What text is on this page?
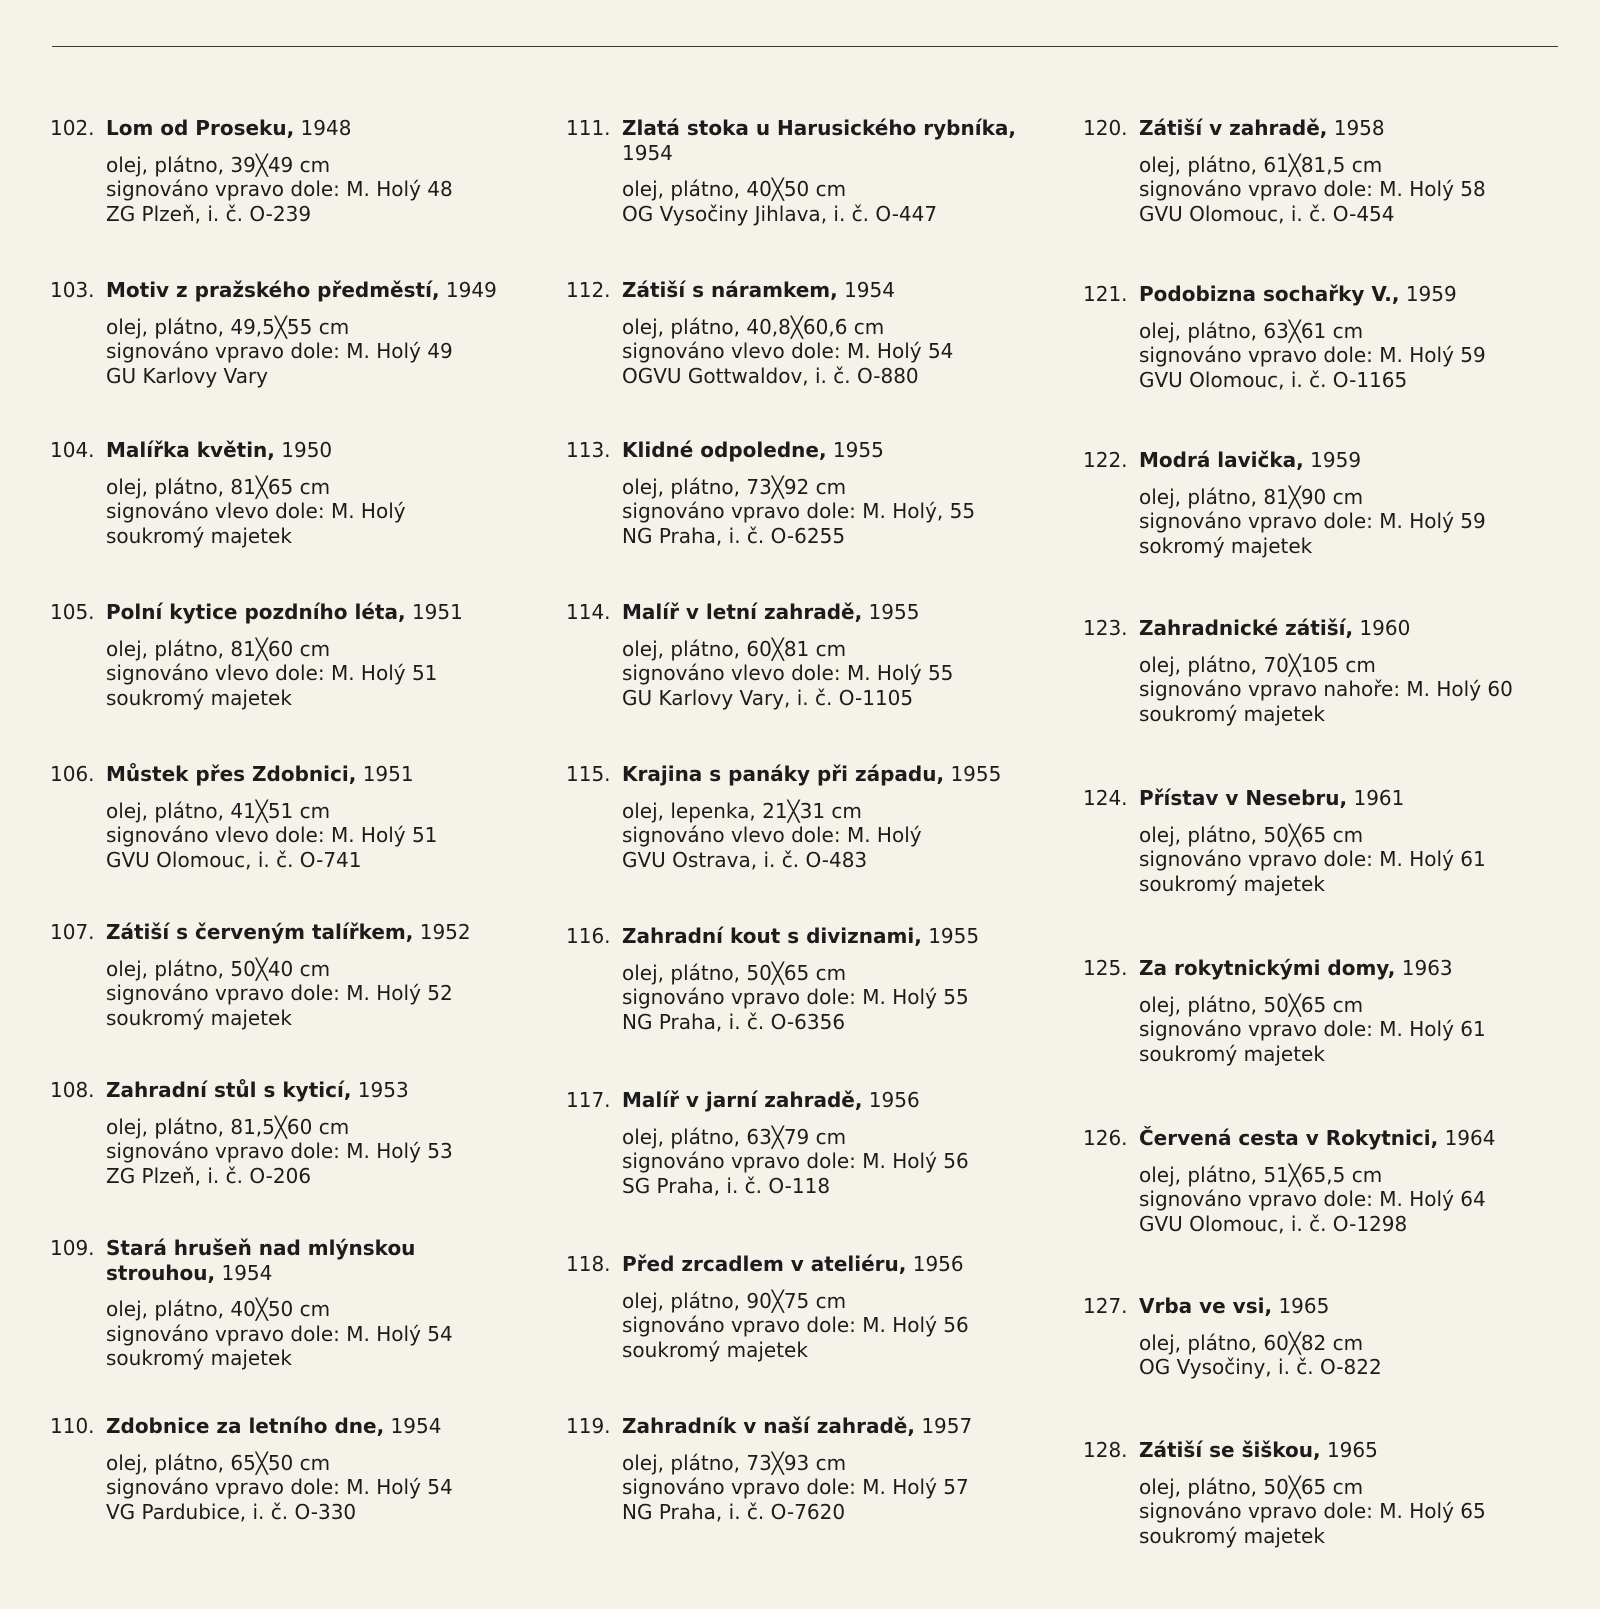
102. Lom od Proseku, 1948
olej, plátno, 39╳49 cm
signováno vpravo dole: M. Holý 48
ZG Plzeň, i. č. O-239
103. Motiv z pražského předměstí, 1949
olej, plátno, 49,5╳55 cm
signováno vpravo dole: M. Holý 49
GU Karlovy Vary
104. Malířka květin, 1950
olej, plátno, 81╳65 cm
signováno vlevo dole: M. Holý
soukromý majetek
105. Polní kytice pozdního léta, 1951
olej, plátno, 81╳60 cm
signováno vlevo dole: M. Holý 51
soukromý majetek
106. Můstek přes Zdobnici, 1951
olej, plátno, 41╳51 cm
signováno vlevo dole: M. Holý 51
GVU Olomouc, i. č. O-741
107. Zátiší s červeným talířkem, 1952
olej, plátno, 50╳40 cm
signováno vpravo dole: M. Holý 52
soukromý majetek
108. Zahradní stůl s kyticí, 1953
olej, plátno, 81,5╳60 cm
signováno vpravo dole: M. Holý 53
ZG Plzeň, i. č. O-206
109. Stará hrušeň nad mlýnskou strouhou, 1954
olej, plátno, 40╳50 cm
signováno vpravo dole: M. Holý 54
soukromý majetek
110. Zdobnice za letního dne, 1954
olej, plátno, 65╳50 cm
signováno vpravo dole: M. Holý 54
VG Pardubice, i. č. O-330
111. Zlatá stoka u Harusického rybníka, 1954
olej, plátno, 40╳50 cm
OG Vysočiny Jihlava, i. č. O-447
112. Zátiší s náramkem, 1954
olej, plátno, 40,8╳60,6 cm
signováno vlevo dole: M. Holý 54
OGVU Gottwaldov, i. č. O-880
113. Klidné odpoledne, 1955
olej, plátno, 73╳92 cm
signováno vpravo dole: M. Holý, 55
NG Praha, i. č. O-6255
114. Malíř v letní zahradě, 1955
olej, plátno, 60╳81 cm
signováno vlevo dole: M. Holý 55
GU Karlovy Vary, i. č. O-1105
115. Krajina s panáky při západu, 1955
olej, lepenka, 21╳31 cm
signováno vlevo dole: M. Holý
GVU Ostrava, i. č. O-483
116. Zahradní kout s diviznami, 1955
olej, plátno, 50╳65 cm
signováno vpravo dole: M. Holý 55
NG Praha, i. č. O-6356
117. Malíř v jarní zahradě, 1956
olej, plátno, 63╳79 cm
signováno vpravo dole: M. Holý 56
SG Praha, i. č. O-118
118. Před zrcadlem v ateliéru, 1956
olej, plátno, 90╳75 cm
signováno vpravo dole: M. Holý 56
soukromý majetek
119. Zahradník v naší zahradě, 1957
olej, plátno, 73╳93 cm
signováno vpravo dole: M. Holý 57
NG Praha, i. č. O-7620
120. Zátiší v zahradě, 1958
olej, plátno, 61╳81,5 cm
signováno vpravo dole: M. Holý 58
GVU Olomouc, i. č. O-454
121. Podobizna sochařky V., 1959
olej, plátno, 63╳61 cm
signováno vpravo dole: M. Holý 59
GVU Olomouc, i. č. O-1165
122. Modrá lavička, 1959
olej, plátno, 81╳90 cm
signováno vpravo dole: M. Holý 59
sokromý majetek
123. Zahradnické zátiší, 1960
olej, plátno, 70╳105 cm
signováno vpravo nahoře: M. Holý 60
soukromý majetek
124. Přístav v Nesebru, 1961
olej, plátno, 50╳65 cm
signováno vpravo dole: M. Holý 61
soukromý majetek
125. Za rokytnickými domy, 1963
olej, plátno, 50╳65 cm
signováno vpravo dole: M. Holý 61
soukromý majetek
126. Červená cesta v Rokytnici, 1964
olej, plátno, 51╳65,5 cm
signováno vpravo dole: M. Holý 64
GVU Olomouc, i. č. O-1298
127. Vrba ve vsi, 1965
olej, plátno, 60╳82 cm
OG Vysočiny, i. č. O-822
128. Zátiší se šiškou, 1965
olej, plátno, 50╳65 cm
signováno vpravo dole: M. Holý 65
soukromý majetek
